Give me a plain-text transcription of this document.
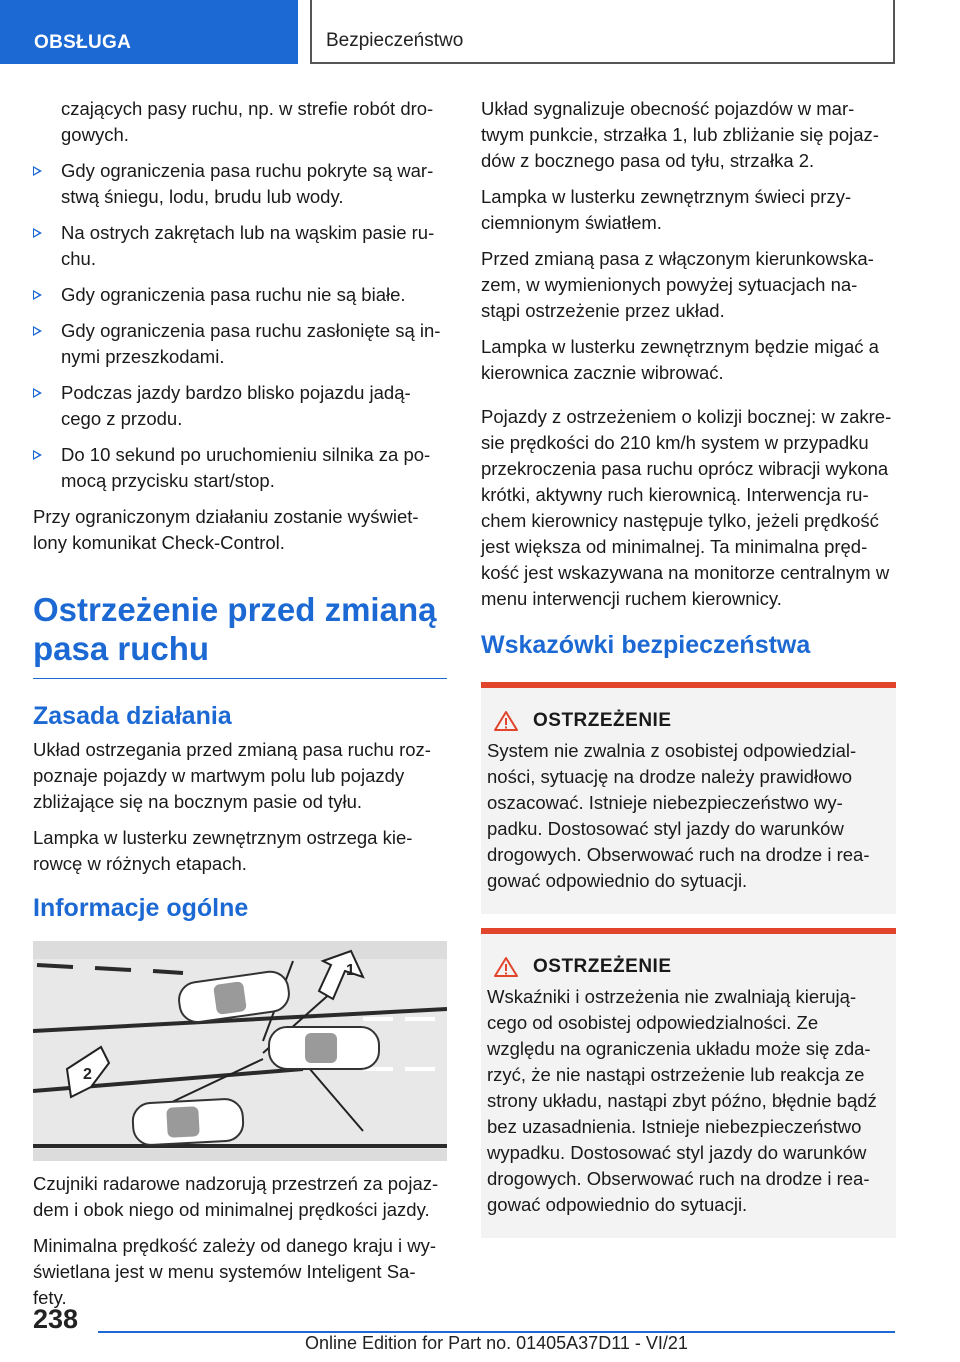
OBSŁUGA	Bezpieczeństwo

czających pasy ruchu, np. w strefie robót dro-gowych.

Gdy ograniczenia pasa ruchu pokryte są war-stwą śniegu, lodu, brudu lub wody.
Na ostrych zakrętach lub na wąskim pasie ru-chu.
Gdy ograniczenia pasa ruchu nie są białe.
Gdy ograniczenia pasa ruchu zasłonięte są in-nymi przeszkodami.
Podczas jazdy bardzo blisko pojazdu jadą-cego z przodu.
Do 10 sekund po uruchomieniu silnika za po-mocą przycisku start/stop.

Przy ograniczonym działaniu zostanie wyświet-lony komunikat Check-Control.

Ostrzeżenie przed zmianą pasa ruchu
Zasada działania

Układ ostrzegania przed zmianą pasa ruchu roz-poznaje pojazdy w martwym polu lub pojazdy zbliżające się na bocznym pasie od tyłu.

Lampka w lusterku zewnętrznym ostrzega kie-rowcę w różnych etapach.

Informacje ogólne
1
2

Czujniki radarowe nadzorują przestrzeń za pojaz-dem i obok niego od minimalnej prędkości jazdy.

Minimalna prędkość zależy od danego kraju i wy-świetlana jest w menu systemów Inteligent Sa-fety.

Układ sygnalizuje obecność pojazdów w mar-twym punkcie, strzałka 1, lub zbliżanie się pojaz-dów z bocznego pasa od tyłu, strzałka 2.

Lampka w lusterku zewnętrznym świeci przy-ciemnionym światłem.

Przed zmianą pasa z włączonym kierunkowska-zem, w wymienionych powyżej sytuacjach na-stąpi ostrzeżenie przez układ.

Lampka w lusterku zewnętrznym będzie migać a kierownica zacznie wibrować.

Pojazdy z ostrzeżeniem o kolizji bocznej: w zakre-sie prędkości do 210 km/h system w przypadku przekroczenia pasa ruchu oprócz wibracji wykona krótki, aktywny ruch kierownicą. Interwencja ru-chem kierownicy następuje tylko, jeżeli prędkość jest większa od minimalnej. Ta minimalna pręd-kość jest wskazywana na monitorze centralnym w menu interwencji ruchem kierownicy.

Wskazówki bezpieczeństwa
OSTRZEŻENIE

System nie zwalnia z osobistej odpowiedzial-ności, sytuację na drodze należy prawidłowo oszacować. Istnieje niebezpieczeństwo wy-padku. Dostosować styl jazdy do warunków drogowych. Obserwować ruch na drodze i rea-gować odpowiednio do sytuacji.

OSTRZEŻENIE

Wskaźniki i ostrzeżenia nie zwalniają kierują-cego od osobistej odpowiedzialności. Ze względu na ograniczenia układu może się zda-rzyć, że nie nastąpi ostrzeżenie lub reakcja ze strony układu, nastąpi zbyt późno, błędnie bądź bez uzasadnienia. Istnieje niebezpieczeństwo wypadku. Dostosować styl jazdy do warunków drogowych. Obserwować ruch na drodze i rea-gować odpowiednio do sytuacji.

238
Online Edition for Part no. 01405A37D11 - VI/21
